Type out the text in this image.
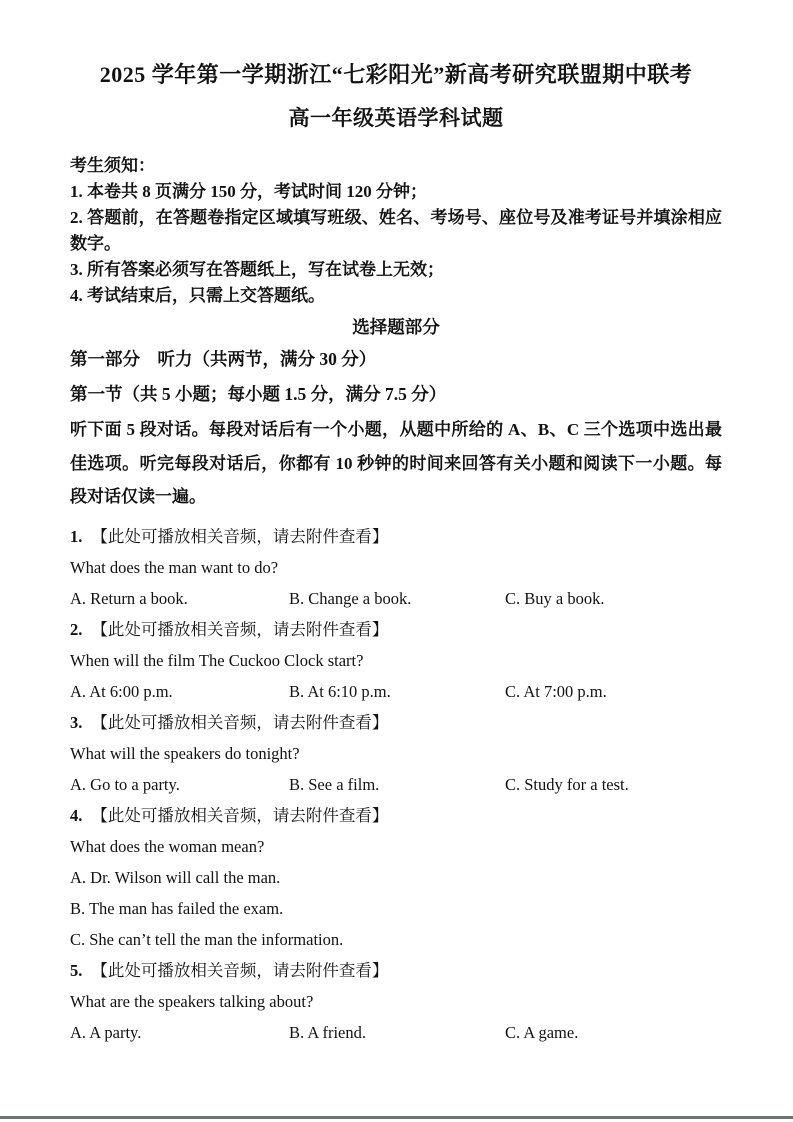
2025 学年第一学期浙江“七彩阳光”新高考研究联盟期中联考
高一年级英语学科试题
考生须知：
1. 本卷共 8 页满分 150 分，考试时间 120 分钟；
2. 答题前，在答题卷指定区域填写班级、姓名、考场号、座位号及准考证号并填涂相应数字。
3. 所有答案必须写在答题纸上，写在试卷上无效；
4. 考试结束后，只需上交答题纸。
选择题部分
第一部分　听力（共两节，满分 30 分）
第一节（共 5 小题；每小题 1.5 分，满分 7.5 分）

听下面 5 段对话。每段对话后有一个小题，从题中所给的 A、B、C 三个选项中选出最佳选项。听完每段对话后，你都有 10 秒钟的时间来回答有关小题和阅读下一小题。每段对话仅读一遍。

1. 【此处可播放相关音频，请去附件查看】
What does the man want to do?
A. Return a book.	B. Change a book.	C. Buy a book.
2. 【此处可播放相关音频，请去附件查看】
When will the film The Cuckoo Clock start?
A. At 6:00 p.m.	B. At 6:10 p.m.	C. At 7:00 p.m.
3. 【此处可播放相关音频，请去附件查看】
What will the speakers do tonight?
A. Go to a party.	B. See a film.	C. Study for a test.
4. 【此处可播放相关音频，请去附件查看】
What does the woman mean?
A. Dr. Wilson will call the man.
B. The man has failed the exam.
C. She can’t tell the man the information.
5. 【此处可播放相关音频，请去附件查看】
What are the speakers talking about?
A. A party.	B. A friend.	C. A game.
